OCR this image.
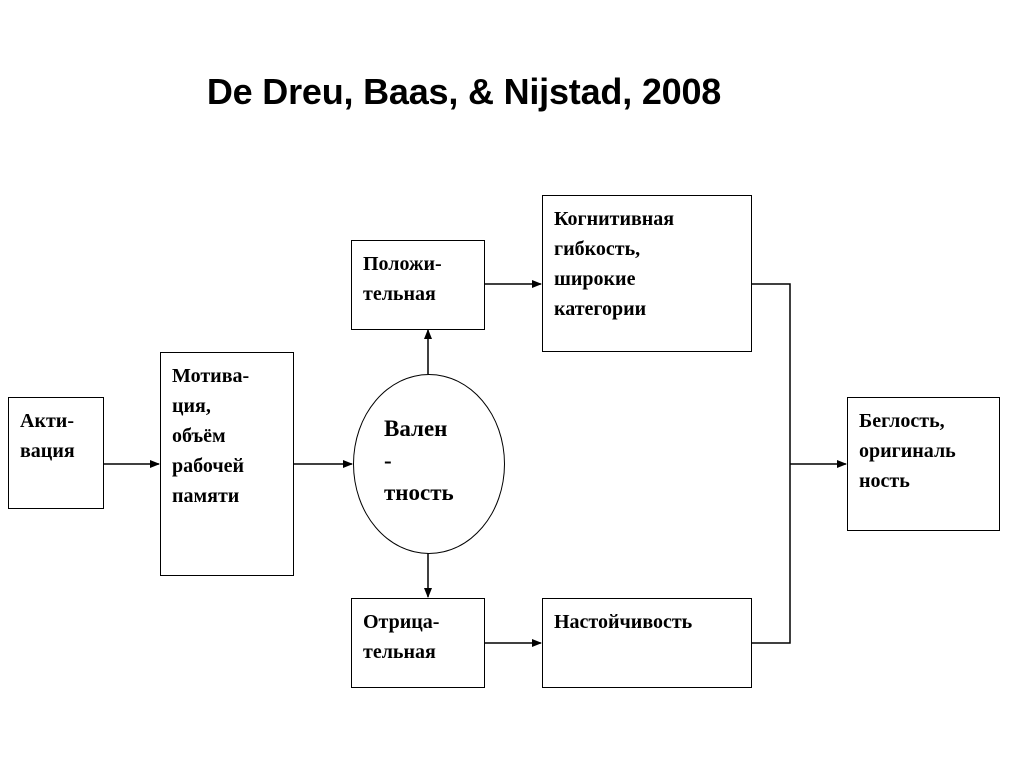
De Dreu, Baas, & Nijstad, 2008
Акти-
вация
Мотива-
ция,
объём
рабочей
памяти
Вален
-
тность
Положи-
тельная
Отрица-
тельная
Когнитивная
гибкость,
широкие
категории
Настойчивость
Беглость,
оригиналь
ность
